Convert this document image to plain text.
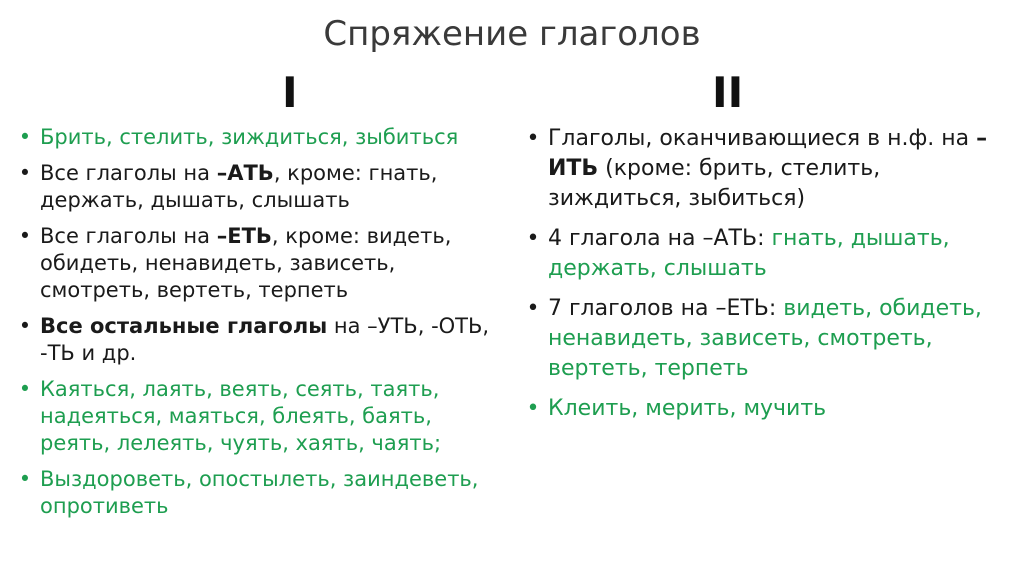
Спряжение глаголов
I	II
• Брить, стелить, зиждиться, зыбиться
• Все глаголы на –АТЬ, кроме: гнать, держать, дышать, слышать
• Все глаголы на –ЕТЬ, кроме: видеть, обидеть, ненавидеть, зависеть, смотреть, вертеть, терпеть
• Все остальные глаголы на –УТЬ, -ОТЬ, -ТЬ и др.
• Каяться, лаять, веять, сеять, таять, надеяться, маяться, блеять, баять, реять, лелеять, чуять, хаять, чаять;
• Выздороветь, опостылеть, заиндеветь, опротиветь
• Глаголы, оканчивающиеся в н.ф. на –ИТЬ (кроме: брить, стелить, зиждиться, зыбиться)
• 4 глагола на –АТЬ: гнать, дышать, держать, слышать
• 7 глаголов на –ЕТЬ: видеть, обидеть, ненавидеть, зависеть, смотреть, вертеть, терпеть
• Клеить, мерить, мучить
